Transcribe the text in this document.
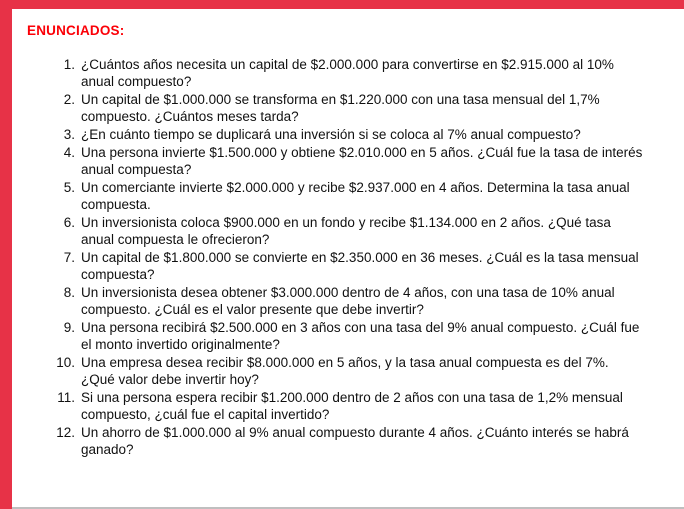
ENUNCIADOS:
1. ¿Cuántos años necesita un capital de $2.000.000 para convertirse en $2.915.000 al 10% anual compuesto?
2. Un capital de $1.000.000 se transforma en $1.220.000 con una tasa mensual del 1,7% compuesto. ¿Cuántos meses tarda?
3. ¿En cuánto tiempo se duplicará una inversión si se coloca al 7% anual compuesto?
4. Una persona invierte $1.500.000 y obtiene $2.010.000 en 5 años. ¿Cuál fue la tasa de interés anual compuesta?
5. Un comerciante invierte $2.000.000 y recibe $2.937.000 en 4 años. Determina la tasa anual compuesta.
6. Un inversionista coloca $900.000 en un fondo y recibe $1.134.000 en 2 años. ¿Qué tasa anual compuesta le ofrecieron?
7. Un capital de $1.800.000 se convierte en $2.350.000 en 36 meses. ¿Cuál es la tasa mensual compuesta?
8. Un inversionista desea obtener $3.000.000 dentro de 4 años, con una tasa de 10% anual compuesto. ¿Cuál es el valor presente que debe invertir?
9. Una persona recibirá $2.500.000 en 3 años con una tasa del 9% anual compuesto. ¿Cuál fue el monto invertido originalmente?
10. Una empresa desea recibir $8.000.000 en 5 años, y la tasa anual compuesta es del 7%. ¿Qué valor debe invertir hoy?
11. Si una persona espera recibir $1.200.000 dentro de 2 años con una tasa de 1,2% mensual compuesto, ¿cuál fue el capital invertido?
12. Un ahorro de $1.000.000 al 9% anual compuesto durante 4 años. ¿Cuánto interés se habrá ganado?
